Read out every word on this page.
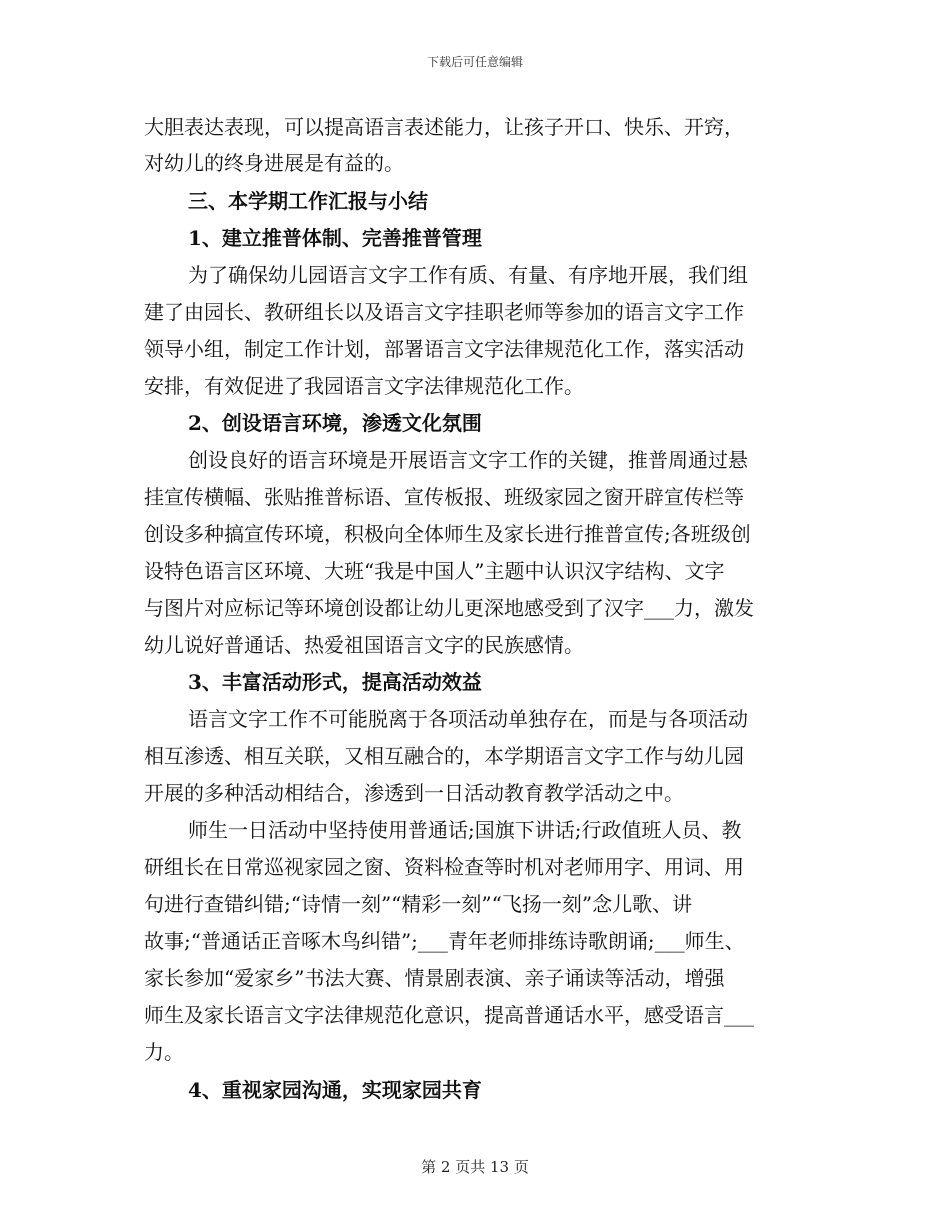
下载后可任意编辑
大胆表达表现，可以提高语言表述能力，让孩子开口、快乐、开窍，
对幼儿的终身进展是有益的。
三、本学期工作汇报与小结
1、建立推普体制、完善推普管理
为了确保幼儿园语言文字工作有质、有量、有序地开展，我们组
建了由园长、教研组长以及语言文字挂职老师等参加的语言文字工作
领导小组，制定工作计划，部署语言文字法律规范化工作，落实活动
安排，有效促进了我园语言文字法律规范化工作。
2、创设语言环境，渗透文化氛围
创设良好的语言环境是开展语言文字工作的关键，推普周通过悬
挂宣传横幅、张贴推普标语、宣传板报、班级家园之窗开辟宣传栏等
创设多种搞宣传环境，积极向全体师生及家长进行推普宣传;各班级创
设特色语言区环境、大班“我是中国人”主题中认识汉字结构、文字
与图片对应标记等环境创设都让幼儿更深地感受到了汉字___力，激发
幼儿说好普通话、热爱祖国语言文字的民族感情。
3、丰富活动形式，提高活动效益
语言文字工作不可能脱离于各项活动单独存在，而是与各项活动
相互渗透、相互关联，又相互融合的，本学期语言文字工作与幼儿园
开展的多种活动相结合，渗透到一日活动教育教学活动之中。
师生一日活动中坚持使用普通话;国旗下讲话;行政值班人员、教
研组长在日常巡视家园之窗、资料检查等时机对老师用字、用词、用
句进行查错纠错;“诗情一刻”“精彩一刻”“飞扬一刻”念儿歌、讲
故事;“普通话正音啄木鸟纠错”;___青年老师排练诗歌朗诵;___师生、
家长参加“爱家乡”书法大赛、情景剧表演、亲子诵读等活动，增强
师生及家长语言文字法律规范化意识，提高普通话水平，感受语言___
力。
4、重视家园沟通，实现家园共育
第 2 页共 13 页
